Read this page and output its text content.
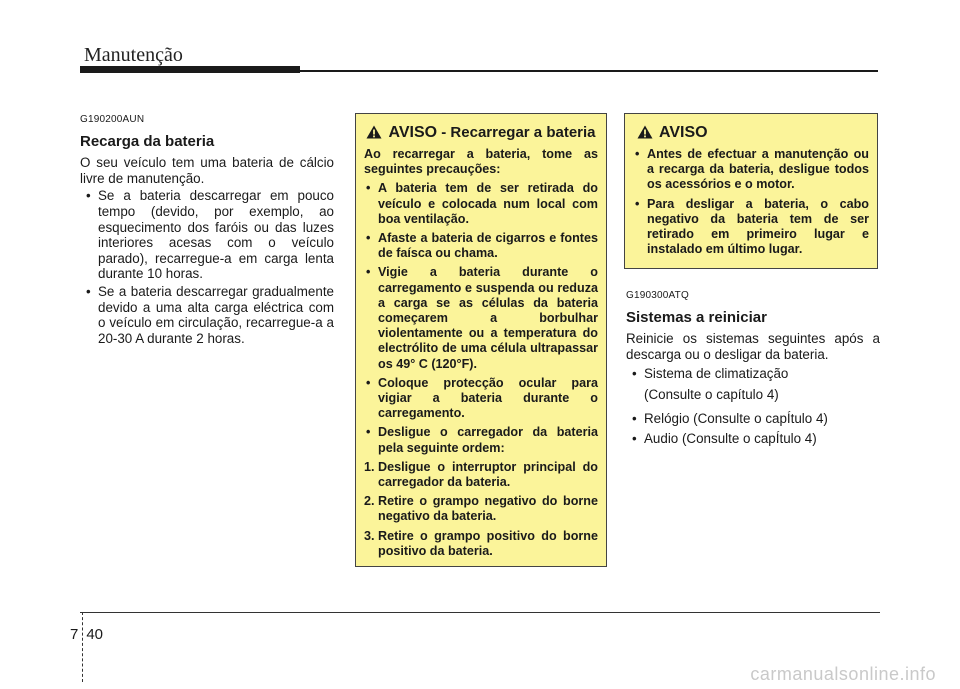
Manutenção
G190200AUN
Recarga da bateria
O seu veículo tem uma bateria de cálcio livre de manutenção.
• Se a bateria descarregar em pouco tempo (devido, por exemplo, ao esquecimento dos faróis ou das luzes interiores acesas com o veículo parado), recarregue-a em carga lenta durante 10 horas.
• Se a bateria descarregar gradualmente devido a uma alta carga eléctrica com o veículo em circulação, recarregue-a a 20-30 A durante 2 horas.
AVISO - Recarregar a bateria
Ao recarregar a bateria, tome as seguintes precauções:
• A bateria tem de ser retirada do veículo e colocada num local com boa ventilação.
• Afaste a bateria de cigarros e fontes de faísca ou chama.
• Vigie a bateria durante o carregamento e suspenda ou reduza a carga se as células da bateria começarem a borbulhar violentamente ou a temperatura do electrólito de uma célula ultrapassar os 49° C (120°F).
• Coloque protecção ocular para vigiar a bateria durante o carregamento.
• Desligue o carregador da bateria pela seguinte ordem:
1. Desligue o interruptor principal do carregador da bateria.
2. Retire o grampo negativo do borne negativo da bateria.
3. Retire o grampo positivo do borne positivo da bateria.
AVISO
• Antes de efectuar a manutenção ou a recarga da bateria, desligue todos os acessórios e o motor.
• Para desligar a bateria, o cabo negativo da bateria tem de ser retirado em primeiro lugar e instalado em último lugar.
G190300ATQ
Sistemas a reiniciar
Reinicie os sistemas seguintes após a descarga ou o desligar da bateria.
• Sistema de climatização
(Consulte o capítulo 4)
• Relógio (Consulte o capÍtulo 4)
• Audio (Consulte o capÍtulo 4)
7 40
carmanualsonline.info
